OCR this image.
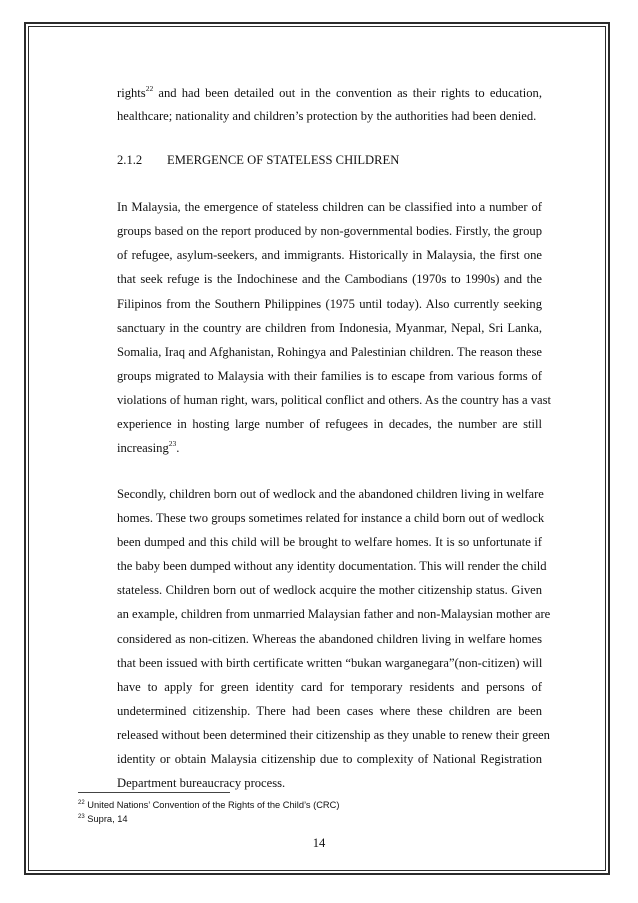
rights$^{22}$ and had been detailed out in the convention as their rights to education,
healthcare; nationality and children’s protection by the authorities had been denied.
2.1.2 EMERGENCE OF STATELESS CHILDREN
In Malaysia, the emergence of stateless children can be classified into a number of
groups based on the report produced by non-governmental bodies. Firstly, the group
of refugee, asylum-seekers, and immigrants. Historically in Malaysia, the first one
that seek refuge is the Indochinese and the Cambodians (1970s to 1990s) and the
Filipinos from the Southern Philippines (1975 until today). Also currently seeking
sanctuary in the country are children from Indonesia, Myanmar, Nepal, Sri Lanka,
Somalia, Iraq and Afghanistan, Rohingya and Palestinian children. The reason these
groups migrated to Malaysia with their families is to escape from various forms of
violations of human right, wars, political conflict and others. As the country has a vast
experience in hosting large number of refugees in decades, the number are still
increasing$^{23}$.
Secondly, children born out of wedlock and the abandoned children living in welfare
homes. These two groups sometimes related for instance a child born out of wedlock
been dumped and this child will be brought to welfare homes. It is so unfortunate if
the baby been dumped without any identity documentation. This will render the child
stateless. Children born out of wedlock acquire the mother citizenship status. Given
an example, children from unmarried Malaysian father and non-Malaysian mother are
considered as non-citizen. Whereas the abandoned children living in welfare homes
that been issued with birth certificate written “bukan warganegara”(non-citizen) will
have to apply for green identity card for temporary residents and persons of
undetermined citizenship. There had been cases where these children are been
released without been determined their citizenship as they unable to renew their green
identity or obtain Malaysia citizenship due to complexity of National Registration
Department bureaucracy process.
$^{22}$ United Nations’ Convention of the Rights of the Child’s (CRC)
$^{23}$ Supra, 14
14
